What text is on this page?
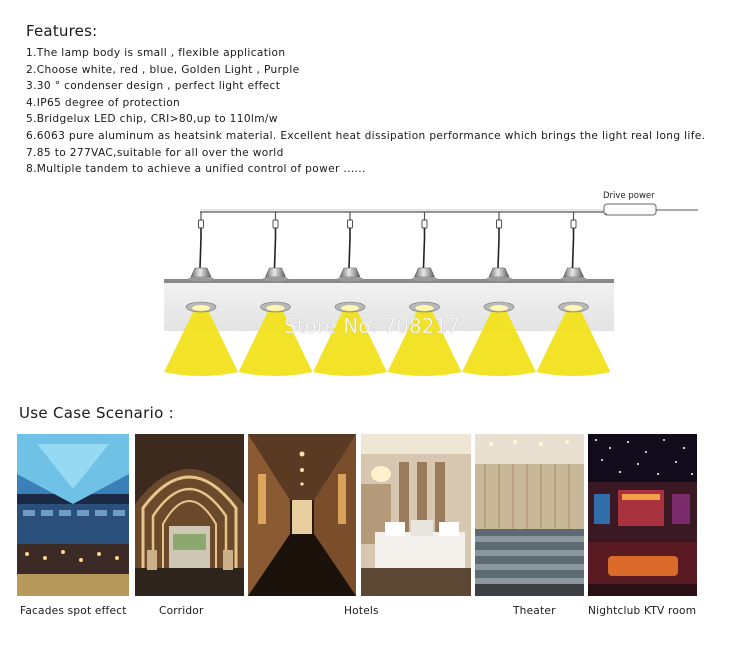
Features:
1.The lamp body is small , flexible application
2.Choose white, red , blue, Golden Light , Purple
3.30 ° condenser design , perfect light effect
4.IP65 degree of protection
5.Bridgelux LED chip, CRI>80,up to 110lm/w
6.6063 pure aluminum as heatsink material. Excellent heat dissipation performance which brings the light real long life.
7.85 to 277VAC,suitable for all over the world
8.Multiple tandem to achieve a unified control of power ......
Drive power
Store No: 708217
Use Case Scenario :
Facades spot effect	Corridor	Hotels	Theater	Nightclub KTV room
